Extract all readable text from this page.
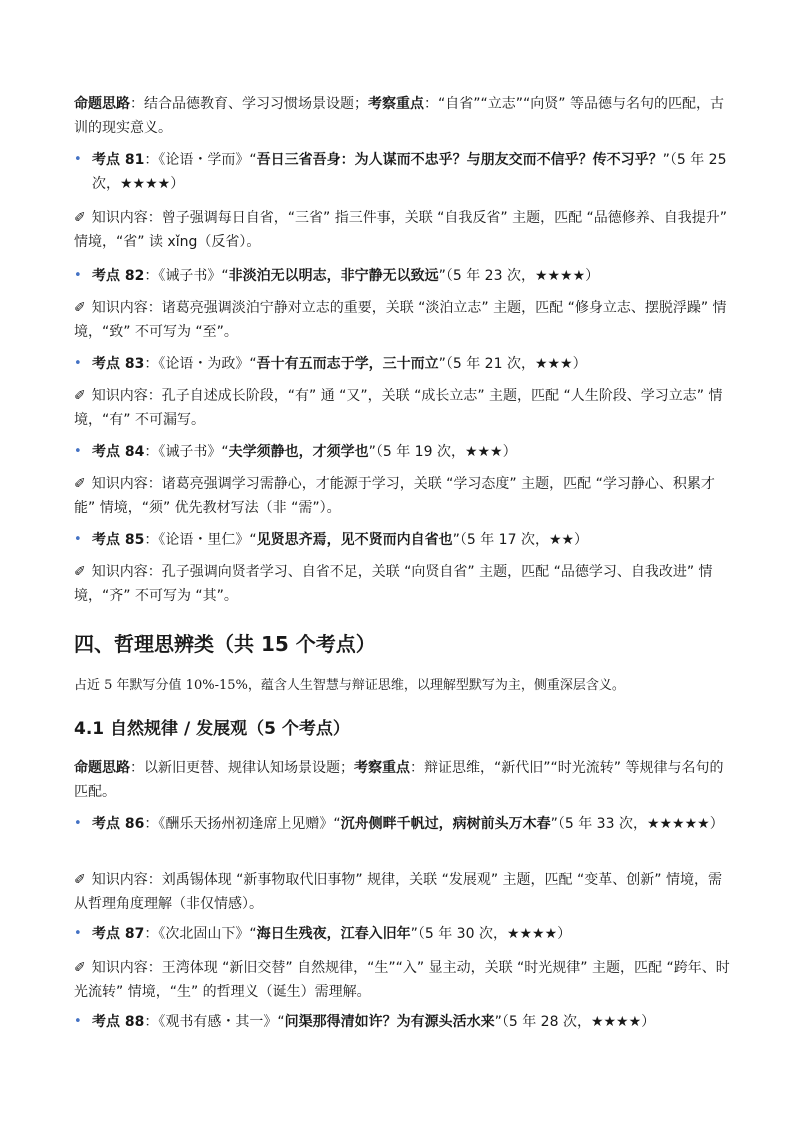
命题思路：结合品德教育、学习习惯场景设题；考察重点：“自省”“立志”“向贤” 等品德与名句的匹配，古训的现实意义。

• 考点 81：《论语・学而》“吾日三省吾身：为人谋而不忠乎？与朋友交而不信乎？传不习乎？”（5 年 25 次，★★★★）

✐ 知识内容：曾子强调每日自省，“三省” 指三件事，关联 “自我反省” 主题，匹配 “品德修养、自我提升” 情境，“省” 读 xǐng（反省）。

• 考点 82：《诫子书》“非淡泊无以明志，非宁静无以致远”（5 年 23 次，★★★★）

✐ 知识内容：诸葛亮强调淡泊宁静对立志的重要，关联 “淡泊立志” 主题，匹配 “修身立志、摆脱浮躁” 情境，“致” 不可写为 “至”。

• 考点 83：《论语・为政》“吾十有五而志于学，三十而立”（5 年 21 次，★★★）

✐ 知识内容：孔子自述成长阶段，“有” 通 “又”，关联 “成长立志” 主题，匹配 “人生阶段、学习立志” 情境，“有” 不可漏写。

• 考点 84：《诫子书》“夫学须静也，才须学也”（5 年 19 次，★★★）

✐ 知识内容：诸葛亮强调学习需静心，才能源于学习，关联 “学习态度” 主题，匹配 “学习静心、积累才能” 情境，“须” 优先教材写法（非 “需”）。

• 考点 85：《论语・里仁》“见贤思齐焉，见不贤而内自省也”（5 年 17 次，★★）

✐ 知识内容：孔子强调向贤者学习、自省不足，关联 “向贤自省” 主题，匹配 “品德学习、自我改进” 情境，“齐” 不可写为 “其”。

四、哲理思辨类（共 15 个考点）

占近 5 年默写分值 10%-15%，蕴含人生智慧与辩证思维，以理解型默写为主，侧重深层含义。

4.1 自然规律 / 发展观（5 个考点）

命题思路：以新旧更替、规律认知场景设题；考察重点：辩证思维，“新代旧”“时光流转” 等规律与名句的匹配。

• 考点 86：《酬乐天扬州初逢席上见赠》“沉舟侧畔千帆过，病树前头万木春”（5 年 33 次，★★★★★）

✐ 知识内容：刘禹锡体现 “新事物取代旧事物” 规律，关联 “发展观” 主题，匹配 “变革、创新” 情境，需从哲理角度理解（非仅情感）。

• 考点 87：《次北固山下》“海日生残夜，江春入旧年”（5 年 30 次，★★★★）

✐ 知识内容：王湾体现 “新旧交替” 自然规律，“生”“入” 显主动，关联 “时光规律” 主题，匹配 “跨年、时光流转” 情境，“生” 的哲理义（诞生）需理解。

• 考点 88：《观书有感・其一》“问渠那得清如许？为有源头活水来”（5 年 28 次，★★★★）
